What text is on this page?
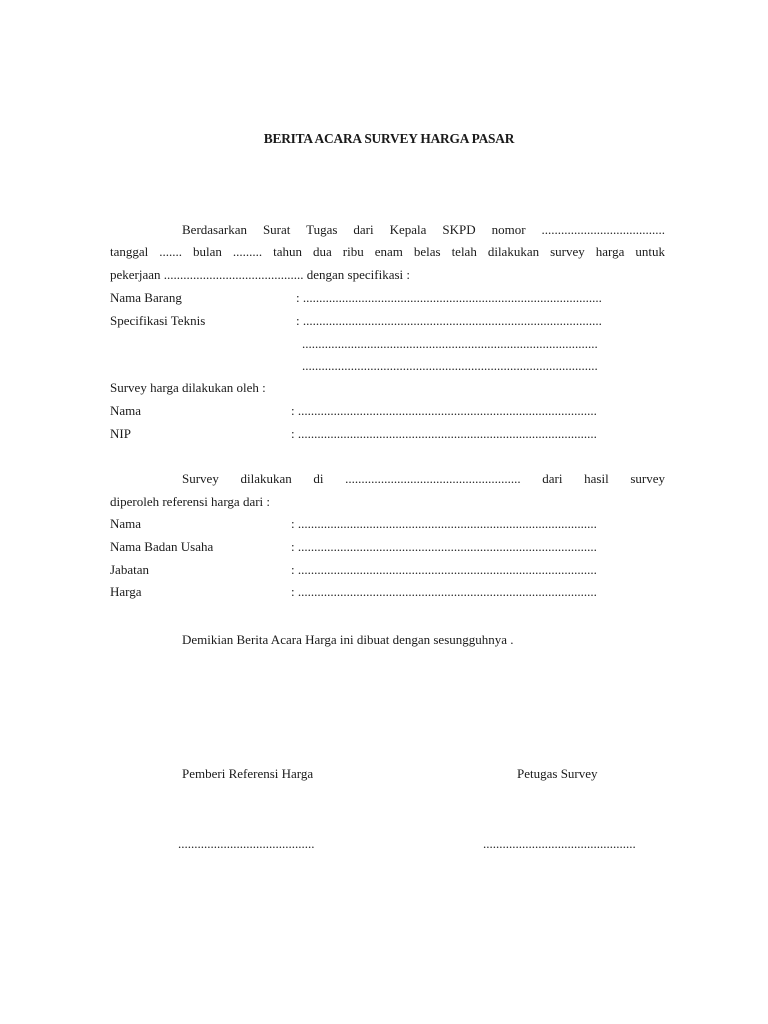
BERITA ACARA SURVEY HARGA PASAR
Berdasarkan Surat Tugas dari Kepala SKPD nomor ......................................
tanggal ....... bulan ......... tahun dua ribu enam belas telah dilakukan survey harga untuk
pekerjaan ........................................... dengan specifikasi :
Nama Barang	: ............................................................................................
Specifikasi Teknis	: ............................................................................................
...........................................................................................
...........................................................................................
Survey harga dilakukan oleh :
Nama	: ............................................................................................
NIP	: ............................................................................................
Survey dilakukan di ...................................................... dari hasil survey
diperoleh referensi harga dari :
Nama	: ............................................................................................
Nama Badan Usaha	: ............................................................................................
Jabatan	: ............................................................................................
Harga	: ............................................................................................
Demikian Berita Acara Harga ini dibuat dengan sesungguhnya .
Pemberi Referensi Harga	Petugas Survey
..........................................	...............................................
